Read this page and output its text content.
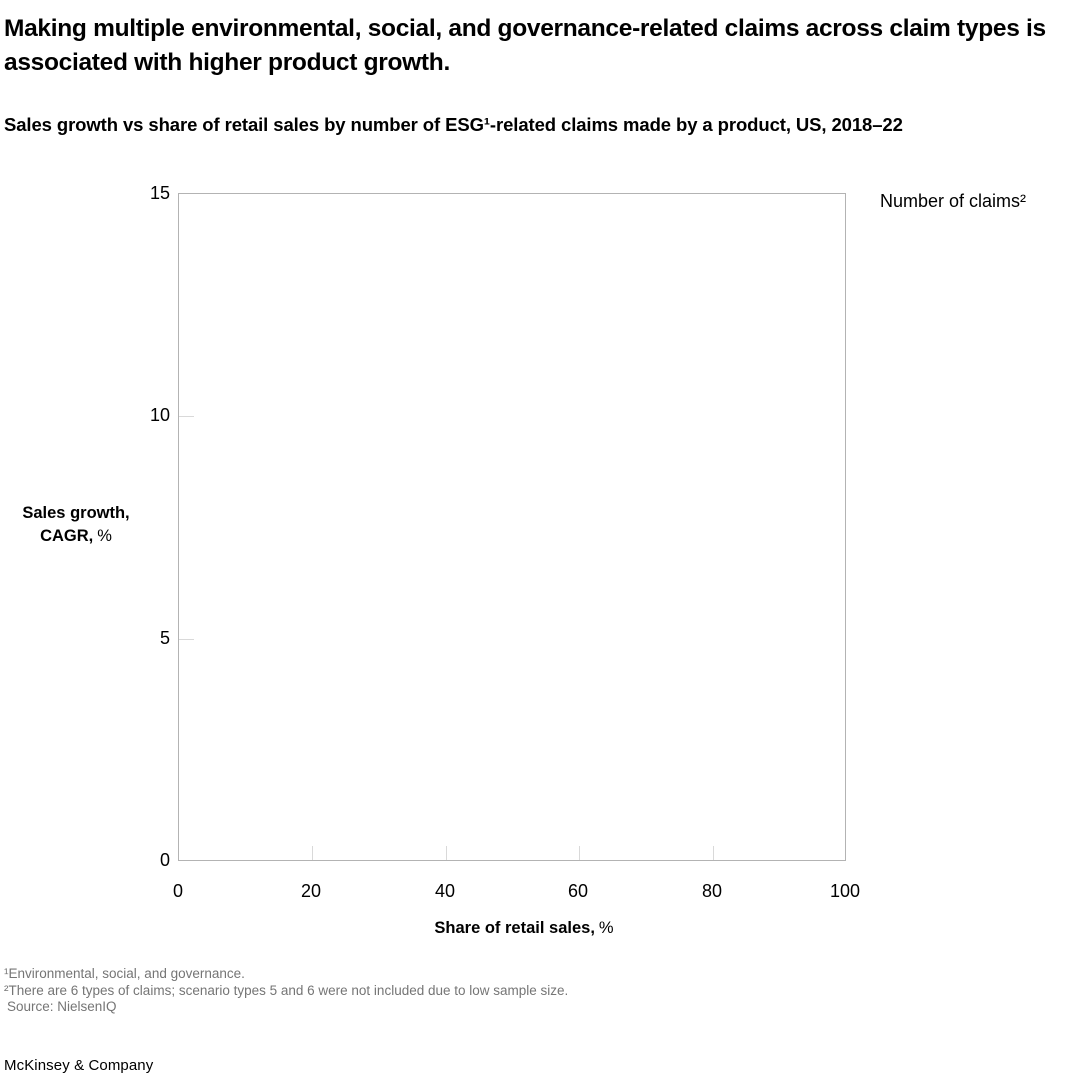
Making multiple environmental, social, and governance-related claims across claim types is associated with higher product growth.
Sales growth vs share of retail sales by number of ESG¹-related claims made by a product, US, 2018–22
15
10
5
0
0	20	40	60	80	100
Sales growth,
CAGR, %
Share of retail sales, %
Number of claims²
¹Environmental, social, and governance.
²There are 6 types of claims; scenario types 5 and 6 were not included due to low sample size.
Source: NielsenIQ
McKinsey & Company
